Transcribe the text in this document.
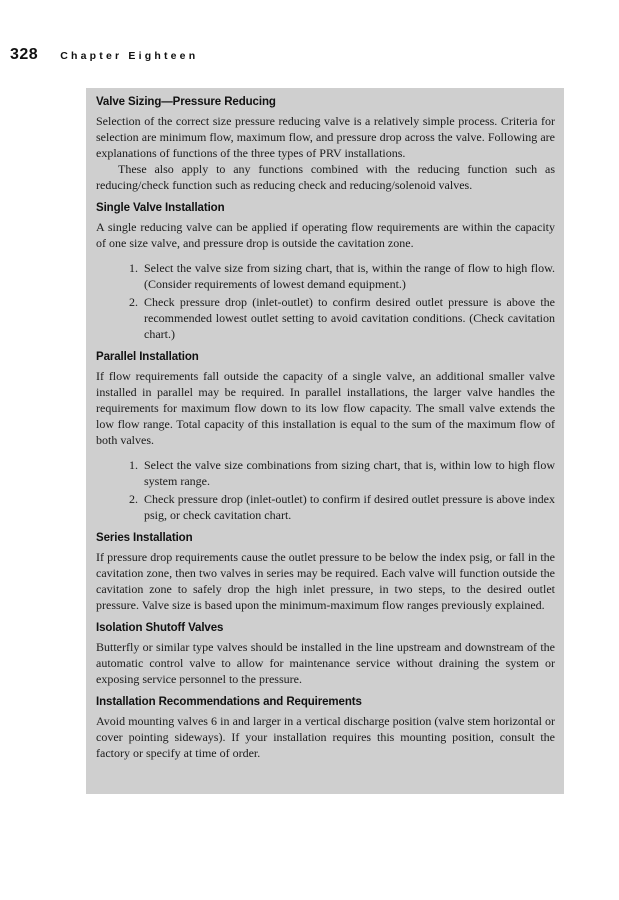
328 Chapter Eighteen
Valve Sizing—Pressure Reducing

Selection of the correct size pressure reducing valve is a relatively simple process. Criteria for selection are minimum flow, maximum flow, and pressure drop across the valve. Following are explanations of functions of the three types of PRV installations.

These also apply to any functions combined with the reducing function such as reducing/check function such as reducing check and reducing/solenoid valves.

Single Valve Installation

A single reducing valve can be applied if operating flow requirements are within the capacity of one size valve, and pressure drop is outside the cavitation zone.

1. Select the valve size from sizing chart, that is, within the range of flow to high flow. (Consider requirements of lowest demand equipment.)
2. Check pressure drop (inlet-outlet) to confirm desired outlet pressure is above the recommended lowest outlet setting to avoid cavitation conditions. (Check cavitation chart.)
Parallel Installation

If flow requirements fall outside the capacity of a single valve, an additional smaller valve installed in parallel may be required. In parallel installations, the larger valve handles the requirements for maximum flow down to its low flow capacity. The small valve extends the low flow range. Total capacity of this installation is equal to the sum of the maximum flow of both valves.

1. Select the valve size combinations from sizing chart, that is, within low to high flow system range.
2. Check pressure drop (inlet-outlet) to confirm if desired outlet pressure is above index psig, or check cavitation chart.
Series Installation

If pressure drop requirements cause the outlet pressure to be below the index psig, or fall in the cavitation zone, then two valves in series may be required. Each valve will function outside the cavitation zone to safely drop the high inlet pressure, in two steps, to the desired outlet pressure. Valve size is based upon the minimum-maximum flow ranges previously explained.

Isolation Shutoff Valves

Butterfly or similar type valves should be installed in the line upstream and downstream of the automatic control valve to allow for maintenance service without draining the system or exposing service personnel to the pressure.

Installation Recommendations and Requirements

Avoid mounting valves 6 in and larger in a vertical discharge position (valve stem horizontal or cover pointing sideways). If your installation requires this mounting position, consult the factory or specify at time of order.
